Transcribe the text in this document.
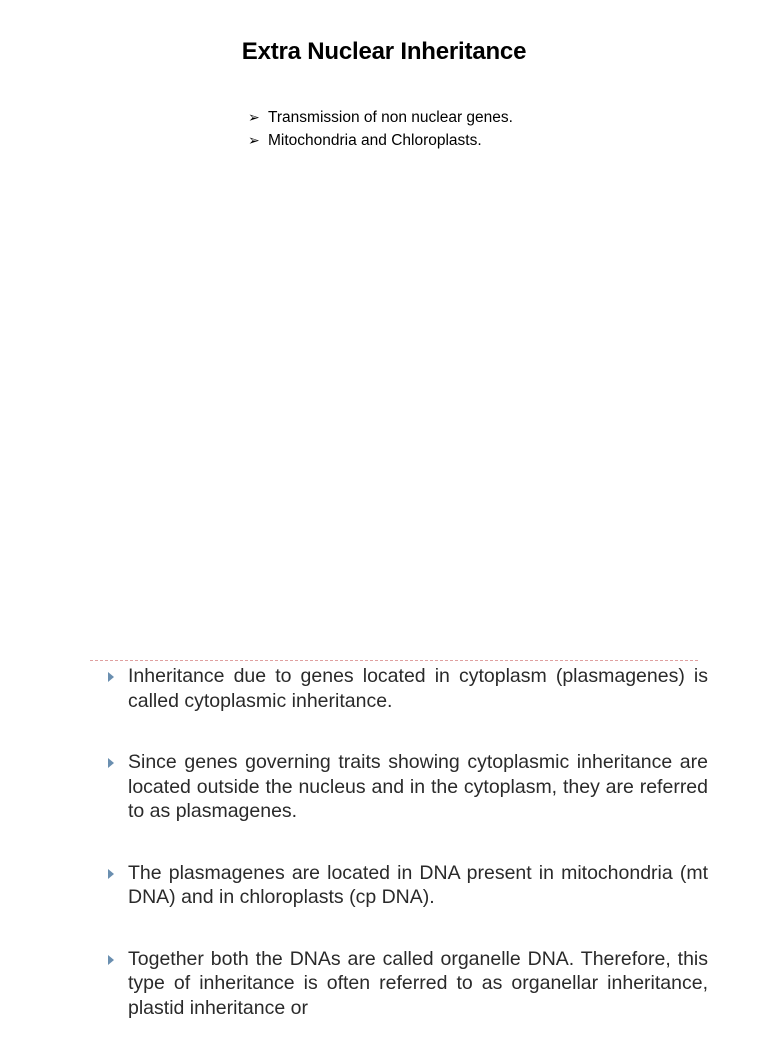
Extra Nuclear Inheritance
➢ Transmission of non nuclear genes.
➢ Mitochondria and Chloroplasts.
Inheritance due to genes located in cytoplasm (plasmagenes) is called cytoplasmic inheritance.
Since genes governing traits showing cytoplasmic inheritance are located outside the nucleus and in the cytoplasm, they are referred to as plasmagenes.
The plasmagenes are located in DNA present in mitochondria (mt DNA) and in chloroplasts (cp DNA).
Together both the DNAs are called organelle DNA. Therefore, this type of inheritance is often referred to as organellar inheritance, plastid inheritance or
